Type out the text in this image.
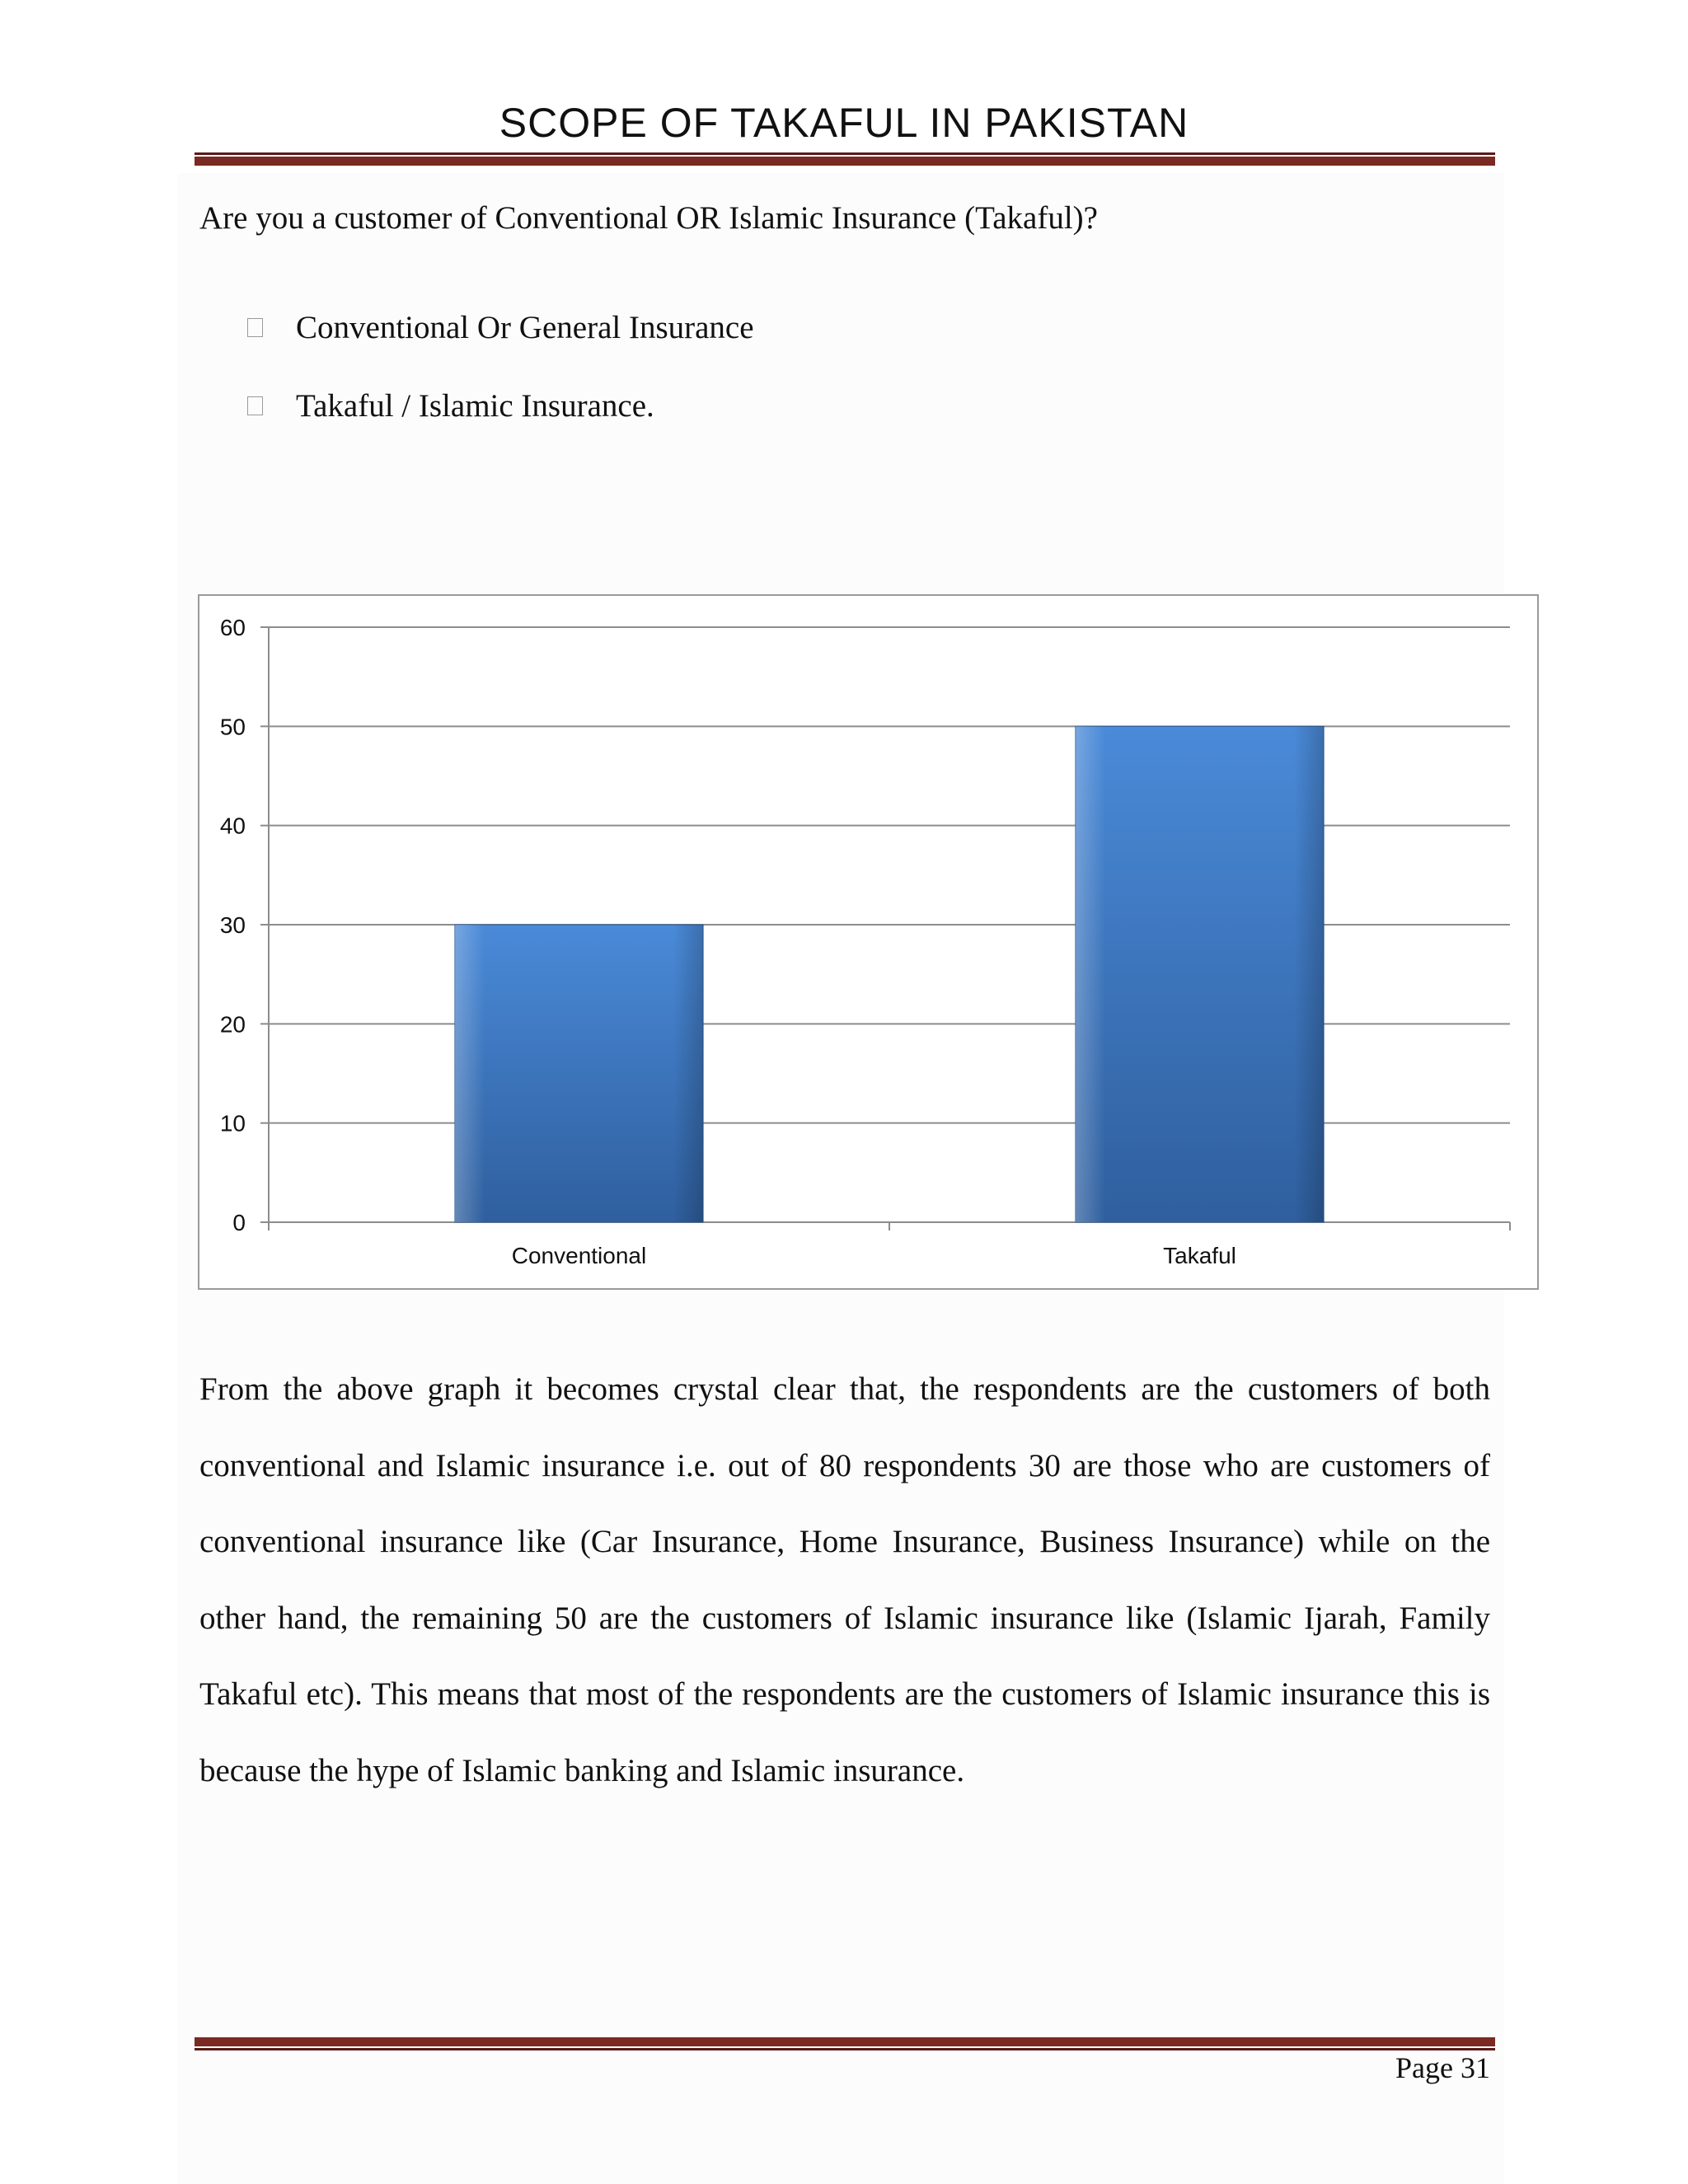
SCOPE OF TAKAFUL IN PAKISTAN
Are you a customer of Conventional OR Islamic Insurance (Takaful)?
Conventional Or General Insurance
Takaful / Islamic Insurance.
0
10
20
30
40
50
60
Conventional	Takaful
From the above graph it becomes crystal clear that, the respondents are the customers of both conventional and Islamic insurance i.e. out of 80 respondents 30 are those who are customers of conventional insurance like (Car Insurance, Home Insurance, Business Insurance) while on the other hand, the remaining 50 are the customers of Islamic insurance like (Islamic Ijarah, Family Takaful etc). This means that most of the respondents are the customers of Islamic insurance this is because the hype of Islamic banking and Islamic insurance.
Page 31
